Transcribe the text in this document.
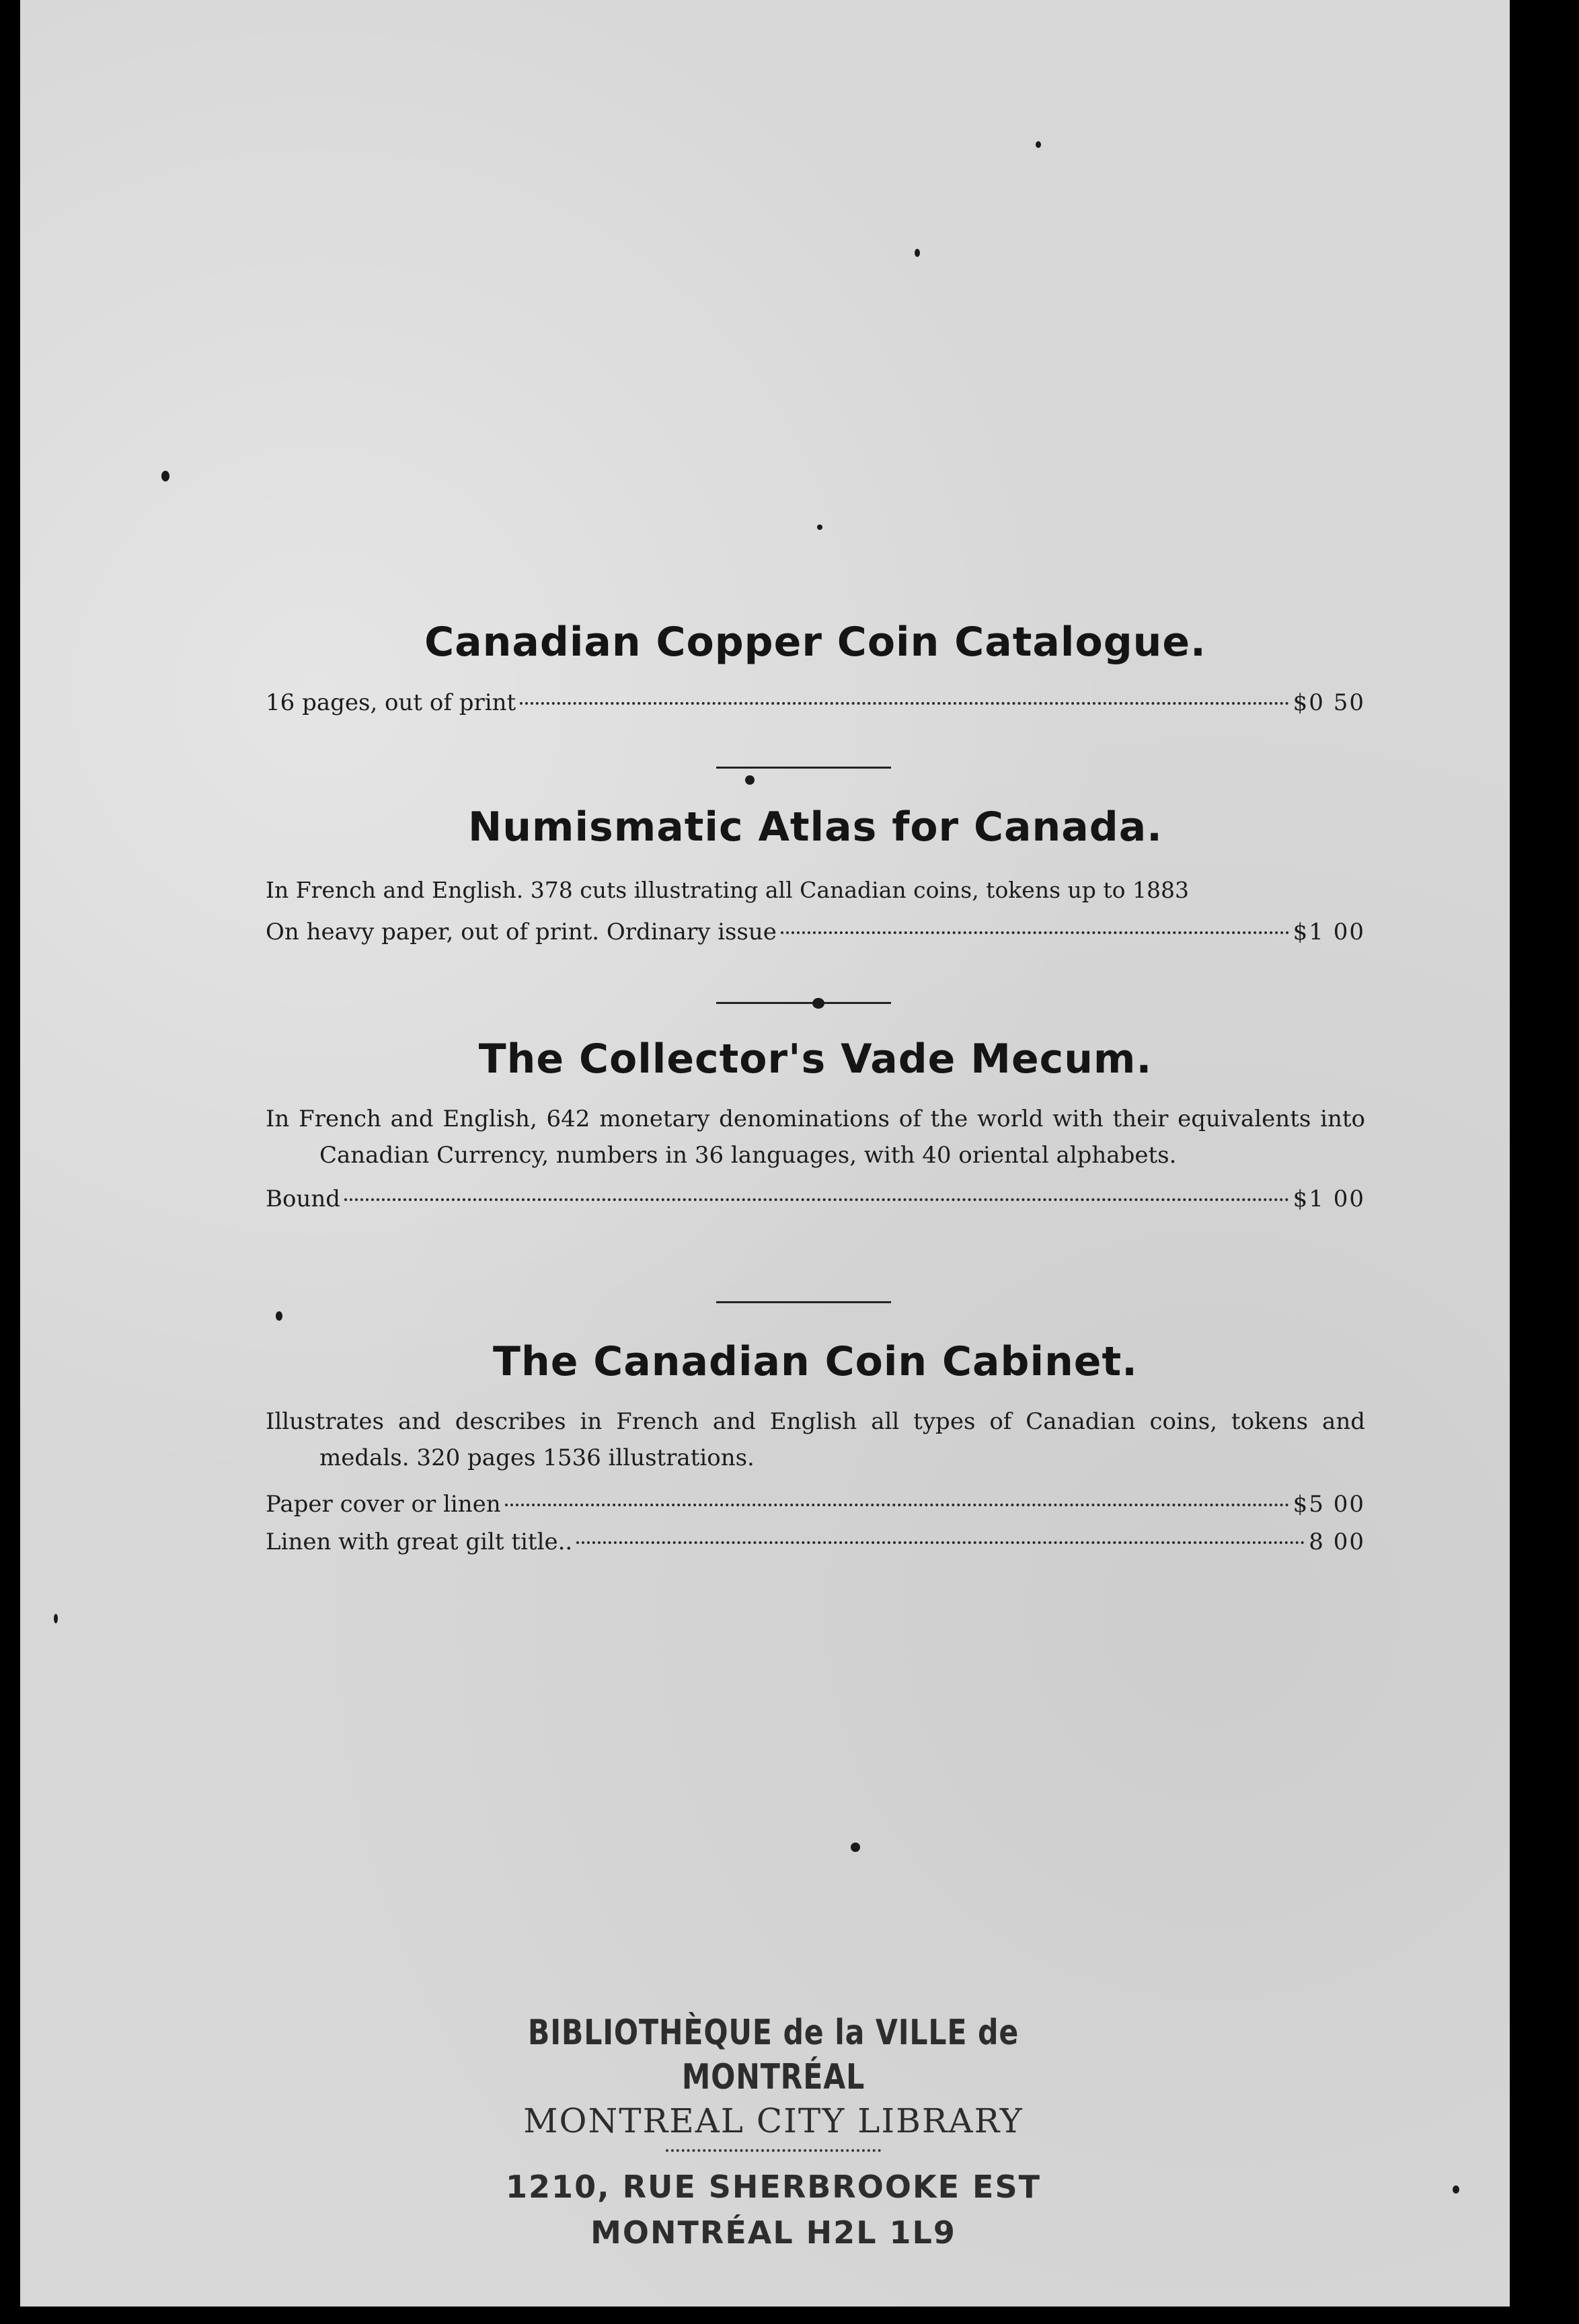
Canadian Copper Coin Catalogue.
16 pages, out of print	$0 50
Numismatic Atlas for Canada.

In French and English. 378 cuts illustrating all Canadian coins, tokens up to 1883

On heavy paper, out of print. Ordinary issue	$1 00
The Collector's Vade Mecum.

In French and English, 642 monetary denominations of the world with their equivalents into Canadian Currency, numbers in 36 languages, with 40 oriental alphabets.

Bound	$1 00
The Canadian Coin Cabinet.

Illustrates and describes in French and English all types of Canadian coins, tokens and medals. 320 pages 1536 illustrations.

Paper cover or linen	$5 00
Linen with great gilt title..	8 00
BIBLIOTHÈQUE de la VILLE de MONTRÉAL
MONTREAL CITY LIBRARY
1210, RUE SHERBROOKE EST
MONTRÉAL H2L 1L9
